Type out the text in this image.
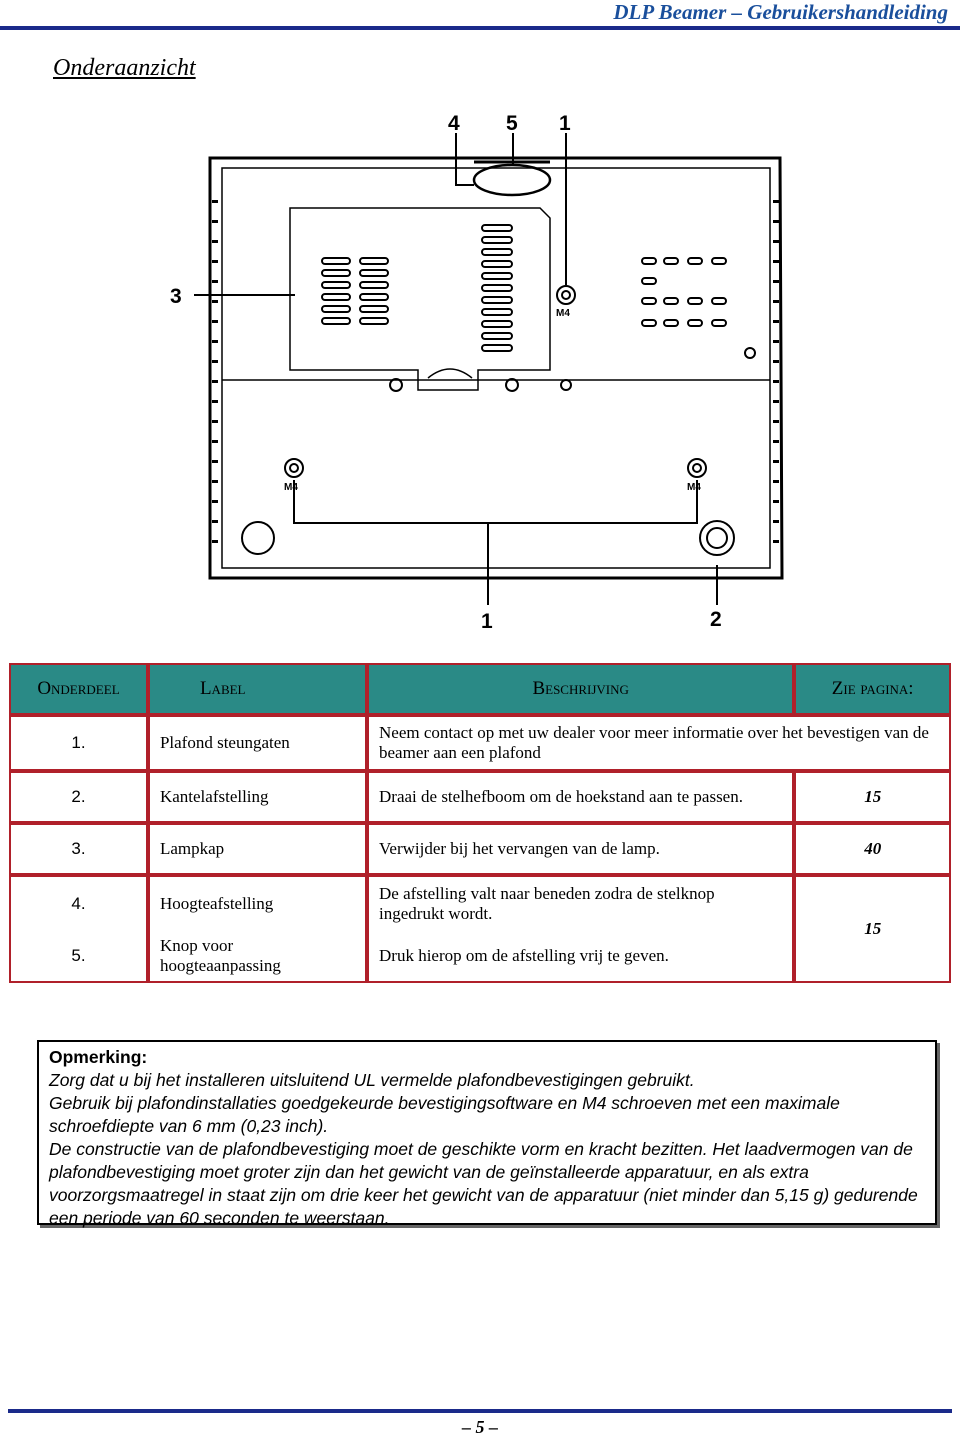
DLP Beamer – Gebruikershandleiding
Onderaanzicht
M4
M4	M4
4 5 1
3
1	2
Onderdeel	Label	Beschrijving	Zie pagina:
1.	Plafond steungaten	Neem contact op met uw dealer voor meer informatie over het bevestigen van de beamer aan een plafond	
2.	Kantelafstelling	Draai de stelhefboom om de hoekstand aan te passen.	15
3.	Lampkap	Verwijder bij het vervangen van de lamp.	40
4.	Hoogteafstelling	De afstelling valt naar beneden zodra de stelknop ingedrukt wordt.	15
5.	Knop voor hoogteaanpassing	Druk hierop om de afstelling vrij te geven.	
Opmerking:
Zorg dat u bij het installeren uitsluitend UL vermelde plafondbevestigingen gebruikt.
Gebruik bij plafondinstallaties goedgekeurde bevestigingsoftware en M4 schroeven met een maximale schroefdiepte van 6 mm (0,23 inch).
De constructie van de plafondbevestiging moet de geschikte vorm en kracht bezitten. Het laadvermogen van de plafondbevestiging moet groter zijn dan het gewicht van de geïnstalleerde apparatuur, en als extra voorzorgsmaatregel in staat zijn om drie keer het gewicht van de apparatuur (niet minder dan 5,15 g) gedurende een periode van 60 seconden te weerstaan.
– 5 –
